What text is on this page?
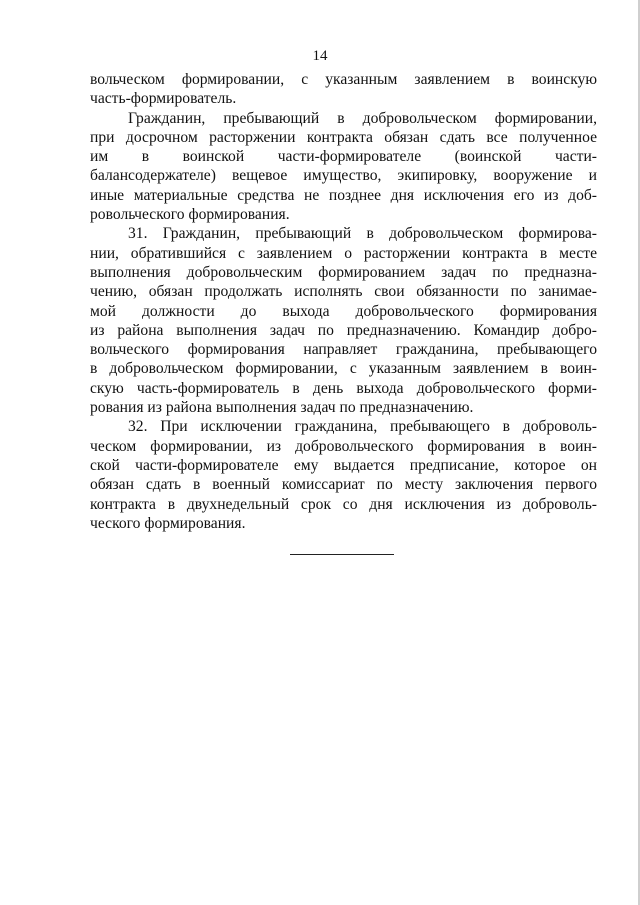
14
вольческом формировании, с указанным заявлением в воинскую
часть-формирователь.
Гражданин, пребывающий в добровольческом формировании,
при досрочном расторжении контракта обязан сдать все полученное
им в воинской части-формирователе (воинской части-
балансодержателе) вещевое имущество, экипировку, вооружение и
иные материальные средства не позднее дня исключения его из доб-
ровольческого формирования.
31. Гражданин, пребывающий в добровольческом формирова-
нии, обратившийся с заявлением о расторжении контракта в месте
выполнения добровольческим формированием задач по предназна-
чению, обязан продолжать исполнять свои обязанности по занимае-
мой должности до выхода добровольческого формирования
из района выполнения задач по предназначению. Командир добро-
вольческого формирования направляет гражданина, пребывающего
в добровольческом формировании, с указанным заявлением в воин-
скую часть-формирователь в день выхода добровольческого форми-
рования из района выполнения задач по предназначению.
32. При исключении гражданина, пребывающего в доброволь-
ческом формировании, из добровольческого формирования в воин-
ской части-формирователе ему выдается предписание, которое он
обязан сдать в военный комиссариат по месту заключения первого
контракта в двухнедельный срок со дня исключения из доброволь-
ческого формирования.
